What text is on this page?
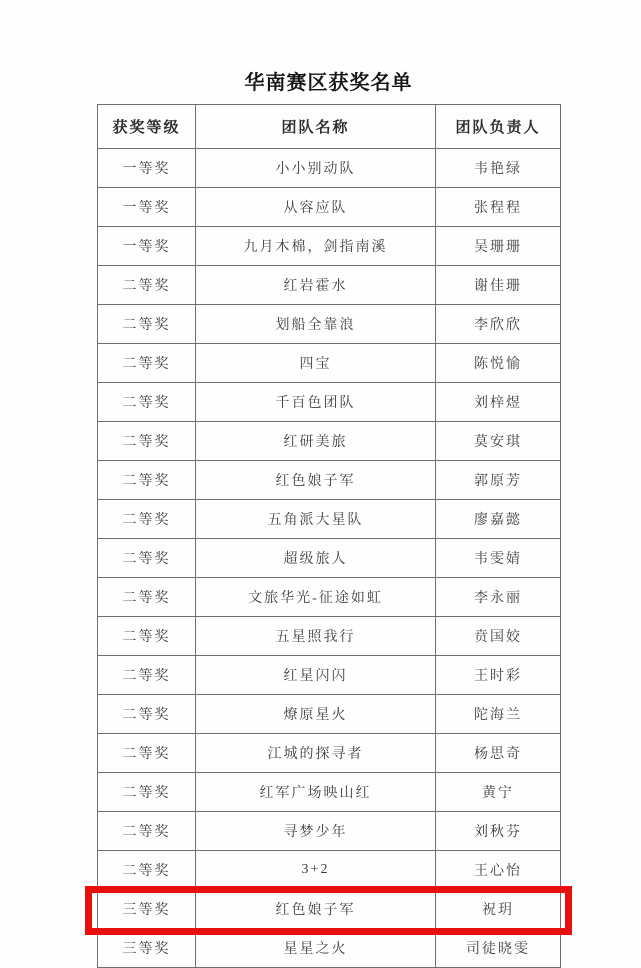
华南赛区获奖名单
获奖等级	团队名称	团队负责人
一等奖	小小别动队	韦艳绿
一等奖	从容应队	张程程
一等奖	九月木棉，剑指南溪	吴珊珊
二等奖	红岩霍水	谢佳珊
二等奖	划船全靠浪	李欣欣
二等奖	四宝	陈悦愉
二等奖	千百色团队	刘梓煜
二等奖	红研美旅	莫安琪
二等奖	红色娘子军	郭原芳
二等奖	五角派大星队	廖嘉懿
二等奖	超级旅人	韦雯婧
二等奖	文旅华光-征途如虹	李永丽
二等奖	五星照我行	贲国姣
二等奖	红星闪闪	王时彩
二等奖	燎原星火	陀海兰
二等奖	江城的探寻者	杨思奇
二等奖	红军广场映山红	黄宁
二等奖	寻梦少年	刘秋芬
二等奖	3+2	王心怡
三等奖	红色娘子军	祝玥
三等奖	星星之火	司徒晓雯
